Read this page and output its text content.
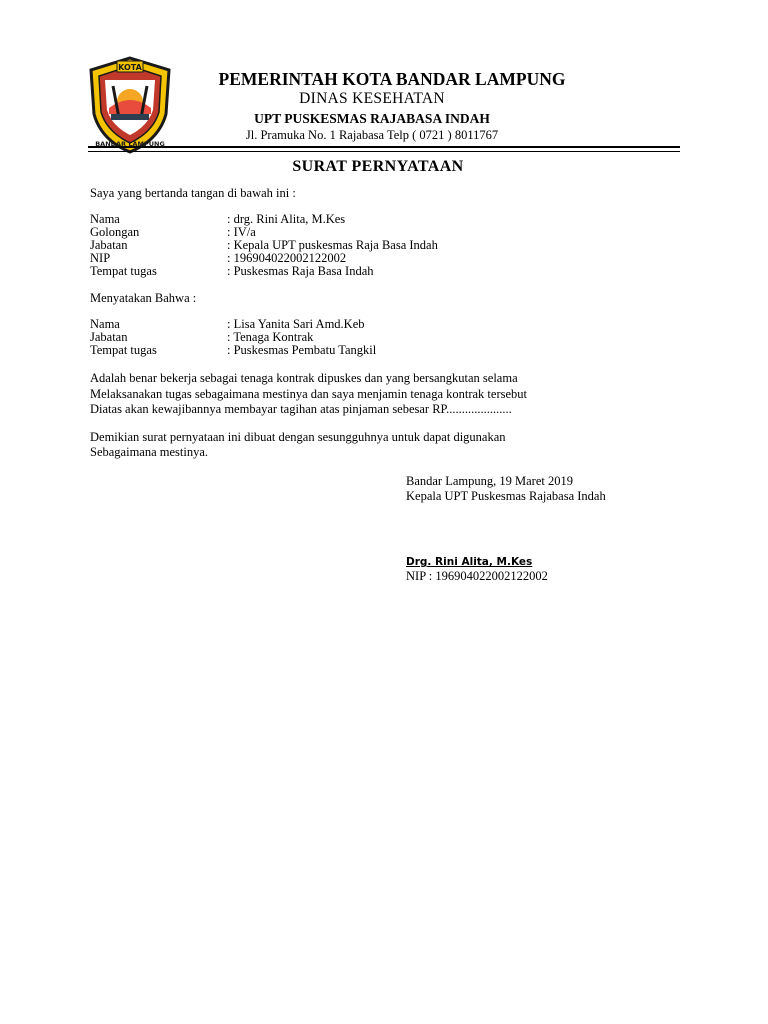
KOTA
BANDAR LAMPUNG
PEMERINTAH KOTA BANDAR LAMPUNG
DINAS KESEHATAN
UPT PUSKESMAS RAJABASA INDAH
Jl. Pramuka No. 1 Rajabasa Telp ( 0721 ) 8011767
SURAT PERNYATAAN
Saya yang bertanda tangan di bawah ini :
Nama	: drg. Rini Alita, M.Kes
Golongan	: IV/a
Jabatan	: Kepala UPT puskesmas Raja Basa Indah
NIP	: 196904022002122002
Tempat tugas	: Puskesmas Raja Basa Indah
Menyatakan Bahwa :
Nama	: Lisa Yanita Sari Amd.Keb
Jabatan	: Tenaga Kontrak
Tempat tugas	: Puskesmas Pembatu Tangkil
Adalah benar bekerja sebagai tenaga kontrak dipuskes dan yang bersangkutan selama
Melaksanakan tugas sebagaimana mestinya dan saya menjamin tenaga kontrak tersebut
Diatas akan kewajibannya membayar tagihan atas pinjaman sebesar RP.....................
Demikian surat pernyataan ini dibuat dengan sesungguhnya untuk dapat digunakan
Sebagaimana mestinya.
Bandar Lampung, 19 Maret 2019
Kepala UPT Puskesmas Rajabasa Indah
Drg. Rini Alita, M.Kes
NIP : 196904022002122002
